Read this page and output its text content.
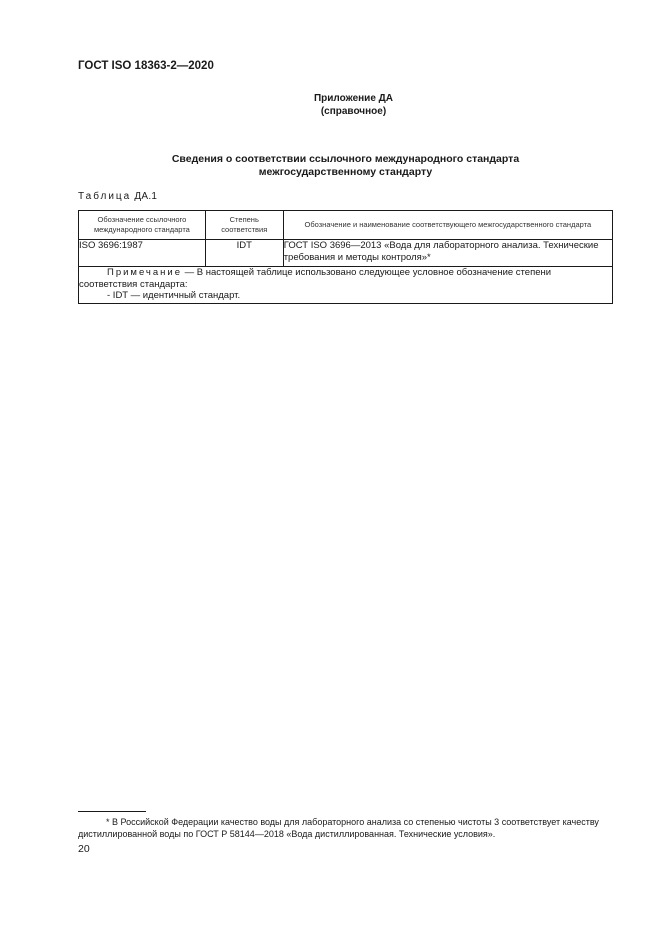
ГОСТ ISO 18363-2—2020
Приложение ДА
(справочное)
Сведения о соответствии ссылочного международного стандарта
межгосударственному стандарту
Таблица ДА.1
Обозначение ссылочного международного стандарта	Степень соответствия	Обозначение и наименование соответствующего межгосударственного стандарта
ISO 3696:1987	IDT	ГОСТ ISO 3696—2013 «Вода для лабораторного анализа. Технические требования и методы контроля»*
Примечание — В настоящей таблице использовано следующее условное обозначение степени соответствия стандарта:
- IDT — идентичный стандарт.		
* В Российской Федерации качество воды для лабораторного анализа со степенью чистоты 3 соответствует качеству дистиллированной воды по ГОСТ Р 58144—2018 «Вода дистиллированная. Технические условия».
20
